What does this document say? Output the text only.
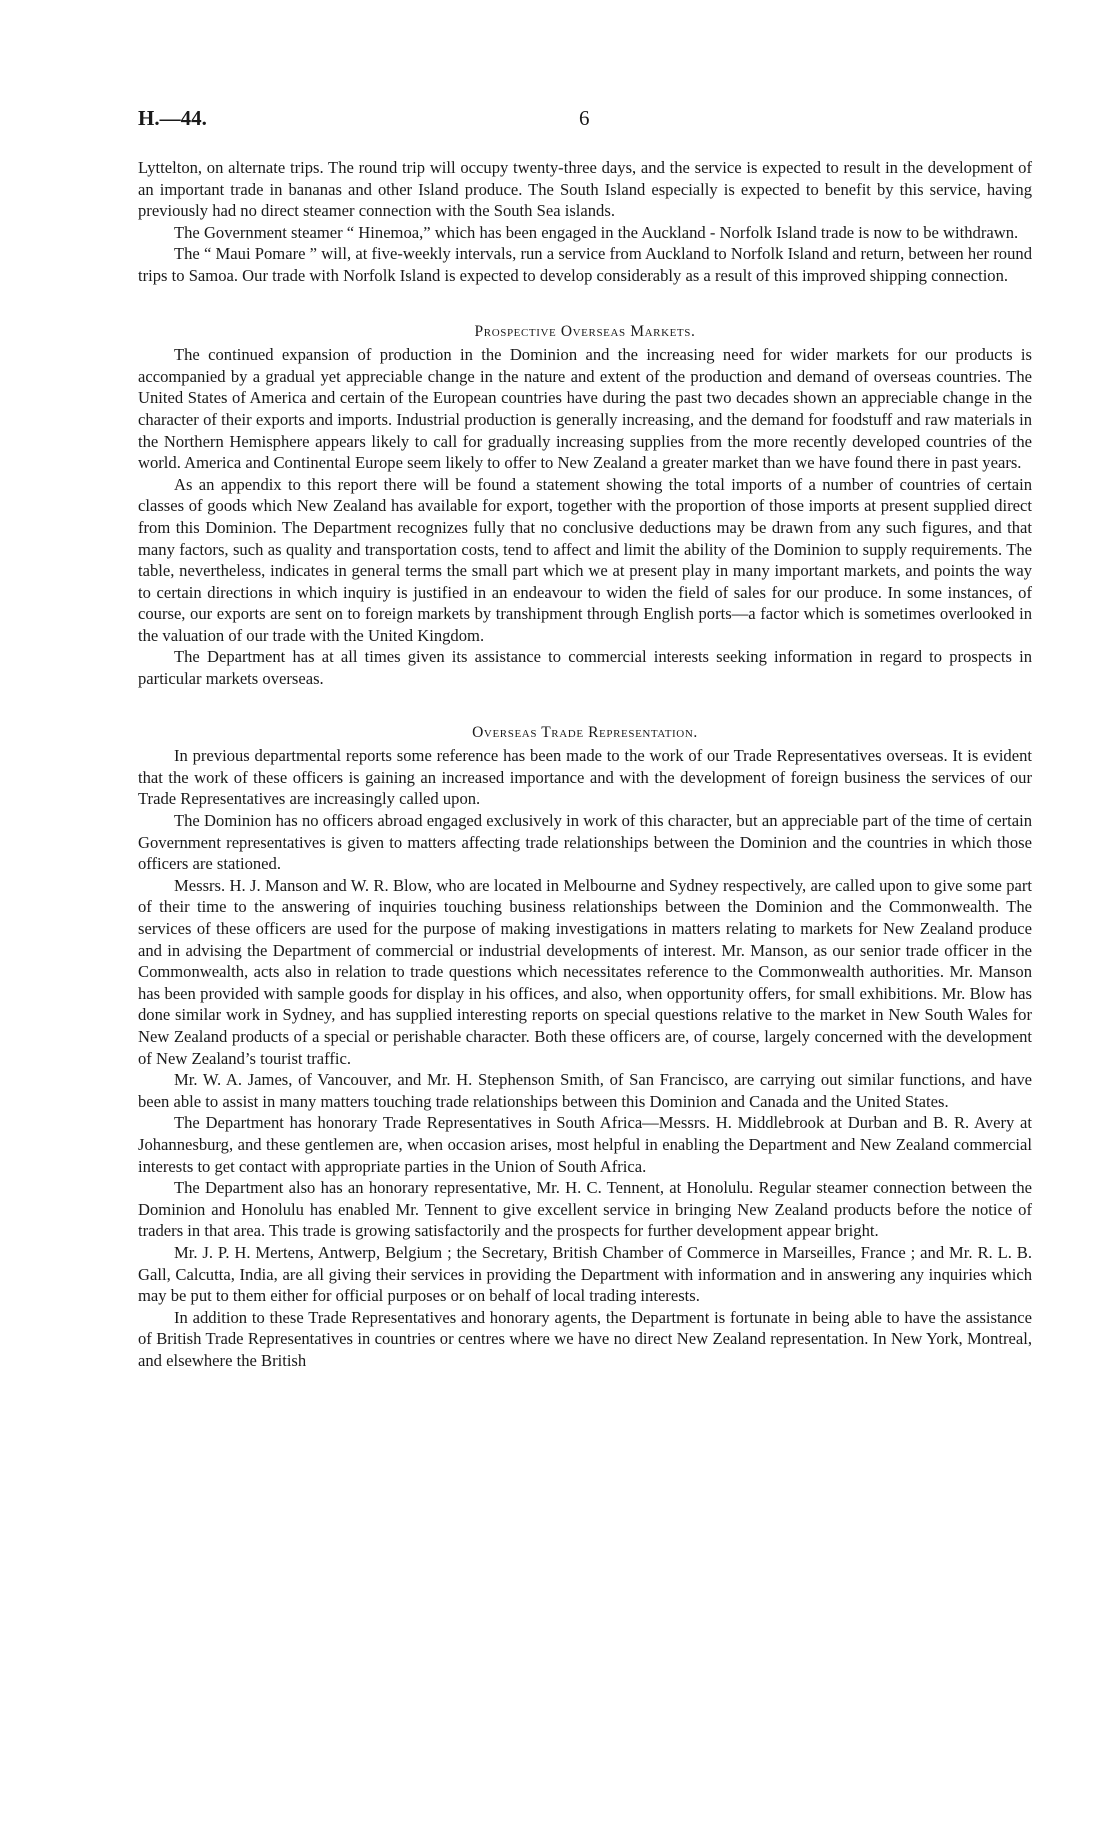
H.—44.	6

Lyttelton, on alternate trips. The round trip will occupy twenty-three days, and the service is expected to result in the development of an important trade in bananas and other Island produce. The South Island especially is expected to benefit by this service, having previously had no direct steamer connection with the South Sea islands.

The Government steamer “ Hinemoa,” which has been engaged in the Auckland - Norfolk Island trade is now to be withdrawn.

The “ Maui Pomare ” will, at five-weekly intervals, run a service from Auckland to Norfolk Island and return, between her round trips to Samoa. Our trade with Norfolk Island is expected to develop considerably as a result of this improved shipping connection.

Prospective Overseas Markets.

The continued expansion of production in the Dominion and the increasing need for wider markets for our products is accompanied by a gradual yet appreciable change in the nature and extent of the production and demand of overseas countries. The United States of America and certain of the European countries have during the past two decades shown an appreciable change in the character of their exports and imports. Industrial production is generally increasing, and the demand for foodstuff and raw materials in the Northern Hemisphere appears likely to call for gradually increasing supplies from the more recently developed countries of the world. America and Continental Europe seem likely to offer to New Zealand a greater market than we have found there in past years.

As an appendix to this report there will be found a statement showing the total imports of a number of countries of certain classes of goods which New Zealand has available for export, together with the proportion of those imports at present supplied direct from this Dominion. The Department recognizes fully that no conclusive deductions may be drawn from any such figures, and that many factors, such as quality and transportation costs, tend to affect and limit the ability of the Dominion to supply requirements. The table, nevertheless, indicates in general terms the small part which we at present play in many important markets, and points the way to certain directions in which inquiry is justified in an endeavour to widen the field of sales for our produce. In some instances, of course, our exports are sent on to foreign markets by transhipment through English ports—a factor which is sometimes overlooked in the valuation of our trade with the United Kingdom.

The Department has at all times given its assistance to commercial interests seeking information in regard to prospects in particular markets overseas.

Overseas Trade Representation.

In previous departmental reports some reference has been made to the work of our Trade Representatives overseas. It is evident that the work of these officers is gaining an increased importance and with the development of foreign business the services of our Trade Representatives are increasingly called upon.

The Dominion has no officers abroad engaged exclusively in work of this character, but an appreciable part of the time of certain Government representatives is given to matters affecting trade relationships between the Dominion and the countries in which those officers are stationed.

Messrs. H. J. Manson and W. R. Blow, who are located in Melbourne and Sydney respectively, are called upon to give some part of their time to the answering of inquiries touching business relationships between the Dominion and the Commonwealth. The services of these officers are used for the purpose of making investigations in matters relating to markets for New Zealand produce and in advising the Department of commercial or industrial developments of interest. Mr. Manson, as our senior trade officer in the Commonwealth, acts also in relation to trade questions which necessitates reference to the Commonwealth authorities. Mr. Manson has been provided with sample goods for display in his offices, and also, when opportunity offers, for small exhibitions. Mr. Blow has done similar work in Sydney, and has supplied interesting reports on special questions relative to the market in New South Wales for New Zealand products of a special or perishable character. Both these officers are, of course, largely concerned with the development of New Zealand’s tourist traffic.

Mr. W. A. James, of Vancouver, and Mr. H. Stephenson Smith, of San Francisco, are carrying out similar functions, and have been able to assist in many matters touching trade relationships between this Dominion and Canada and the United States.

The Department has honorary Trade Representatives in South Africa—Messrs. H. Middlebrook at Durban and B. R. Avery at Johannesburg, and these gentlemen are, when occasion arises, most helpful in enabling the Department and New Zealand commercial interests to get contact with appropriate parties in the Union of South Africa.

The Department also has an honorary representative, Mr. H. C. Tennent, at Honolulu. Regular steamer connection between the Dominion and Honolulu has enabled Mr. Tennent to give excellent service in bringing New Zealand products before the notice of traders in that area. This trade is growing satisfactorily and the prospects for further development appear bright.

Mr. J. P. H. Mertens, Antwerp, Belgium ; the Secretary, British Chamber of Commerce in Marseilles, France ; and Mr. R. L. B. Gall, Calcutta, India, are all giving their services in providing the Department with information and in answering any inquiries which may be put to them either for official purposes or on behalf of local trading interests.

In addition to these Trade Representatives and honorary agents, the Department is fortunate in being able to have the assistance of British Trade Representatives in countries or centres where we have no direct New Zealand representation. In New York, Montreal, and elsewhere the British
